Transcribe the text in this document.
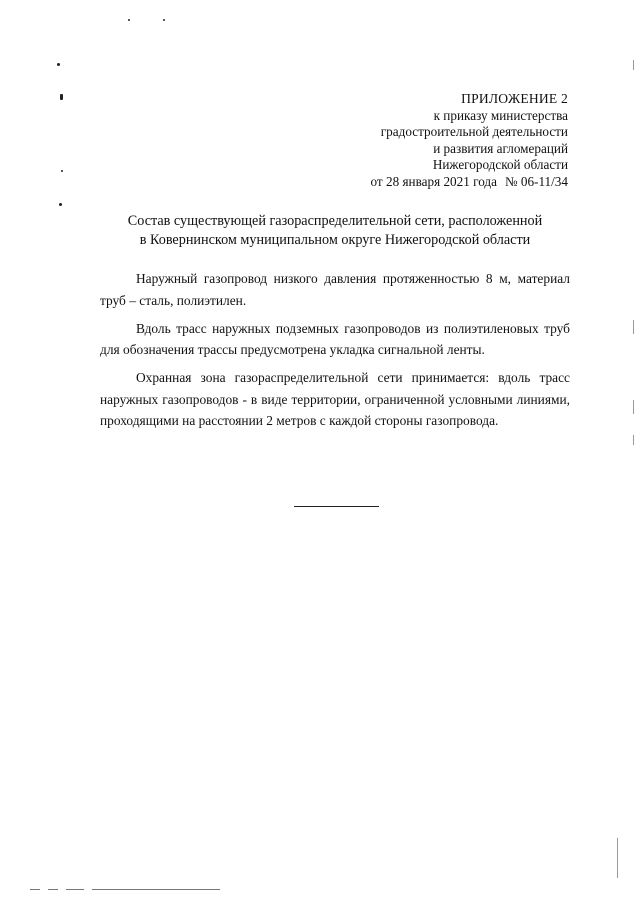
ПРИЛОЖЕНИЕ 2
к приказу министерства
градостроительной деятельности
и развития агломераций
Нижегородской области
от 28 января 2021 года № 06-11/34
Состав существующей газораспределительной сети, расположенной
в Ковернинском муниципальном округе Нижегородской области

Наружный газопровод низкого давления протяженностью 8 м, материал труб – сталь, полиэтилен.

Вдоль трасс наружных подземных газопроводов из полиэтиленовых труб для обозначения трассы предусмотрена укладка сигнальной ленты.

Охранная зона газораспределительной сети принимается: вдоль трасс наружных газопроводов - в виде территории, ограниченной условными линиями, проходящими на расстоянии 2 метров с каждой стороны газопровода.
